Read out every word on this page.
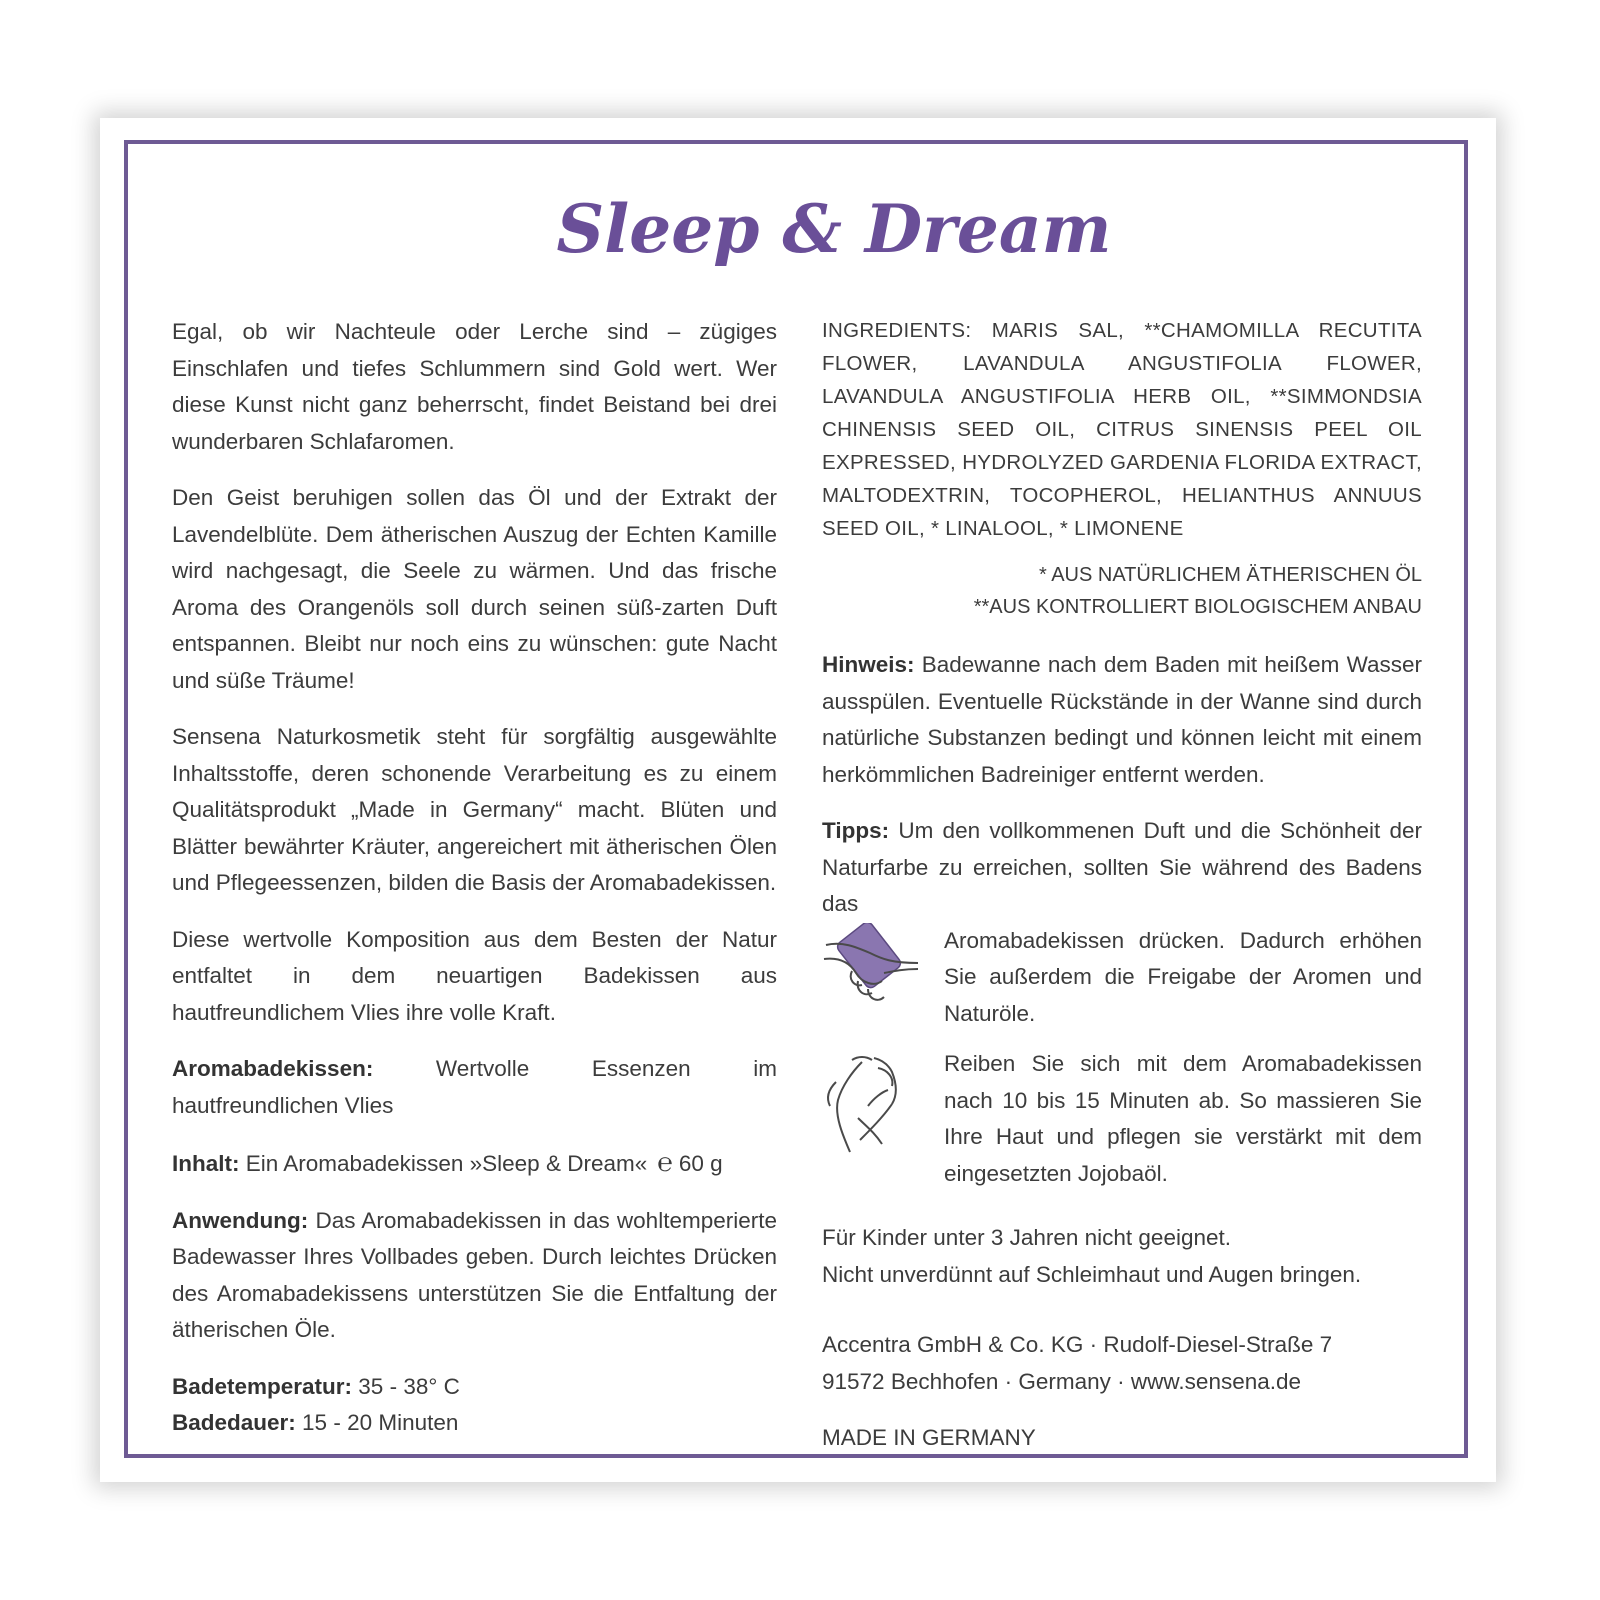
Sleep & Dream

Egal, ob wir Nachteule oder Lerche sind – zügiges Einschlafen und tiefes Schlummern sind Gold wert. Wer diese Kunst nicht ganz beherrscht, findet Beistand bei drei wunderbaren Schlafaromen.

Den Geist beruhigen sollen das Öl und der Extrakt der Lavendelblüte. Dem ätherischen Auszug der Echten Kamille wird nachgesagt, die Seele zu wärmen. Und das frische Aroma des Orangenöls soll durch seinen süß-zarten Duft entspannen. Bleibt nur noch eins zu wünschen: gute Nacht und süße Träume!

Sensena Naturkosmetik steht für sorgfältig ausgewählte Inhaltsstoffe, deren schonende Verarbeitung es zu einem Qualitätsprodukt „Made in Germany“ macht. Blüten und Blätter bewährter Kräuter, angereichert mit ätherischen Ölen und Pflegeessenzen, bilden die Basis der Aromabadekissen.

Diese wertvolle Komposition aus dem Besten der Natur entfaltet in dem neuartigen Badekissen aus hautfreundlichem Vlies ihre volle Kraft.

Aromabadekissen: Wertvolle Essenzen im hautfreundlichen Vlies

Inhalt: Ein Aromabadekissen »Sleep & Dream« ℮ 60 g

Anwendung: Das Aromabadekissen in das wohltemperierte Badewasser Ihres Vollbades geben. Durch leichtes Drücken des Aromabadekissens unterstützen Sie die Entfaltung der ätherischen Öle.

Badetemperatur: 35 - 38° C

Badedauer: 15 - 20 Minuten

INGREDIENTS: MARIS SAL, **CHAMOMILLA RECUTITA FLOWER, LAVANDULA ANGUSTIFOLIA FLOWER, LAVANDULA ANGUSTIFOLIA HERB OIL, **SIMMONDSIA CHINENSIS SEED OIL, CITRUS SINENSIS PEEL OIL EXPRESSED, HYDROLYZED GARDENIA FLORIDA EXTRACT, MALTODEXTRIN, TOCOPHEROL, HELIANTHUS ANNUUS SEED OIL, * LINALOOL, * LIMONENE

* AUS NATÜRLICHEM ÄTHERISCHEN ÖL
**AUS KONTROLLIERT BIOLOGISCHEM ANBAU

Hinweis: Badewanne nach dem Baden mit heißem Wasser ausspülen. Eventuelle Rückstände in der Wanne sind durch natürliche Substanzen bedingt und können leicht mit einem herkömmlichen Badreiniger entfernt werden.

Tipps: Um den vollkommenen Duft und die Schönheit der Naturfarbe zu erreichen, sollten Sie während des Badens das

Aromabadekissen drücken. Dadurch erhöhen Sie außerdem die Freigabe der Aromen und Naturöle.
Reiben Sie sich mit dem Aromabadekissen nach 10 bis 15 Minuten ab. So massieren Sie Ihre Haut und pflegen sie verstärkt mit dem eingesetzten Jojobaöl.
Für Kinder unter 3 Jahren nicht geeignet.
Nicht unverdünnt auf Schleimhaut und Augen bringen.
Accentra GmbH & Co. KG · Rudolf-Diesel-Straße 7
91572 Bechhofen · Germany · www.sensena.de
MADE IN GERMANY
